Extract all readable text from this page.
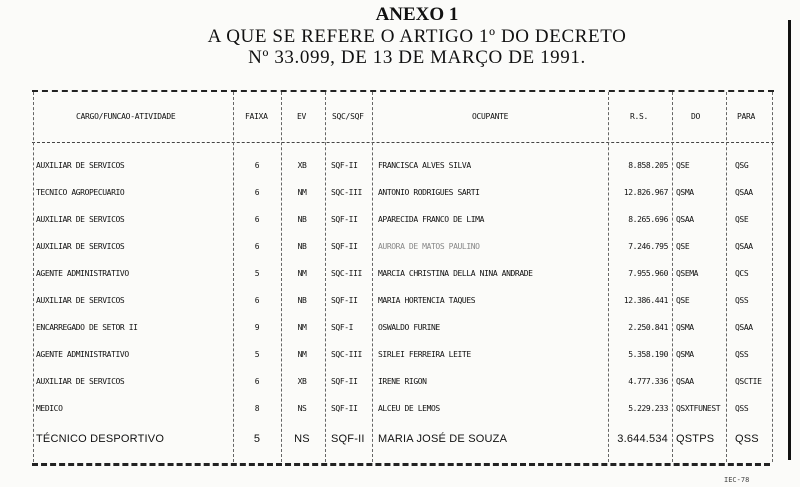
ANEXO 1
A QUE SE REFERE O ARTIGO 1º DO DECRETO
Nº 33.099, DE 13 DE MARÇO DE 1991.
CARGO/FUNCAO-ATIVIDADE	FAIXA	EV	SQC/SQF	OCUPANTE	R.S.	DO	PARA
AUXILIAR DE SERVICOS	6	XB	SQF-II	FRANCISCA ALVES SILVA	8.858.205 QSE	QSG
TECNICO AGROPECUARIO	6	NM	SQC-III ANTONIO RODRIGUES SARTI	12.826.967 QSMA	QSAA
AUXILIAR DE SERVICOS	6	NB	SQF-II	APARECIDA FRANCO DE LIMA	8.265.696 QSAA	QSE
AUXILIAR DE SERVICOS	6	NB	SQF-II	AURORA DE MATOS PAULINO	7.246.795 QSE	QSAA
AGENTE ADMINISTRATIVO	5	NM	SQC-III MARCIA CHRISTINA DELLA NINA ANDRADE	7.955.960 QSEMA	QCS
AUXILIAR DE SERVICOS	6	NB	SQF-II	MARIA HORTENCIA TAQUES	12.386.441 QSE	QSS
ENCARREGADO DE SETOR II	9	NM	SQF-I	OSWALDO FURINE	2.250.841 QSMA	QSAA
AGENTE ADMINISTRATIVO	5	NM	SQC-III SIRLEI FERREIRA LEITE	5.358.190 QSMA	QSS
AUXILIAR DE SERVICOS	6	XB	SQF-II	IRENE RIGON	4.777.336 QSAA	QSCTIE
MEDICO	8	NS	SQF-II	ALCEU DE LEMOS	5.229.233 QSXTFUNEST QSS
TÉCNICO DESPORTIVO	5	NS SQF-II MARIA JOSÉ DE SOUZA	3.644.534 QSTPS QSS
IEC-78
